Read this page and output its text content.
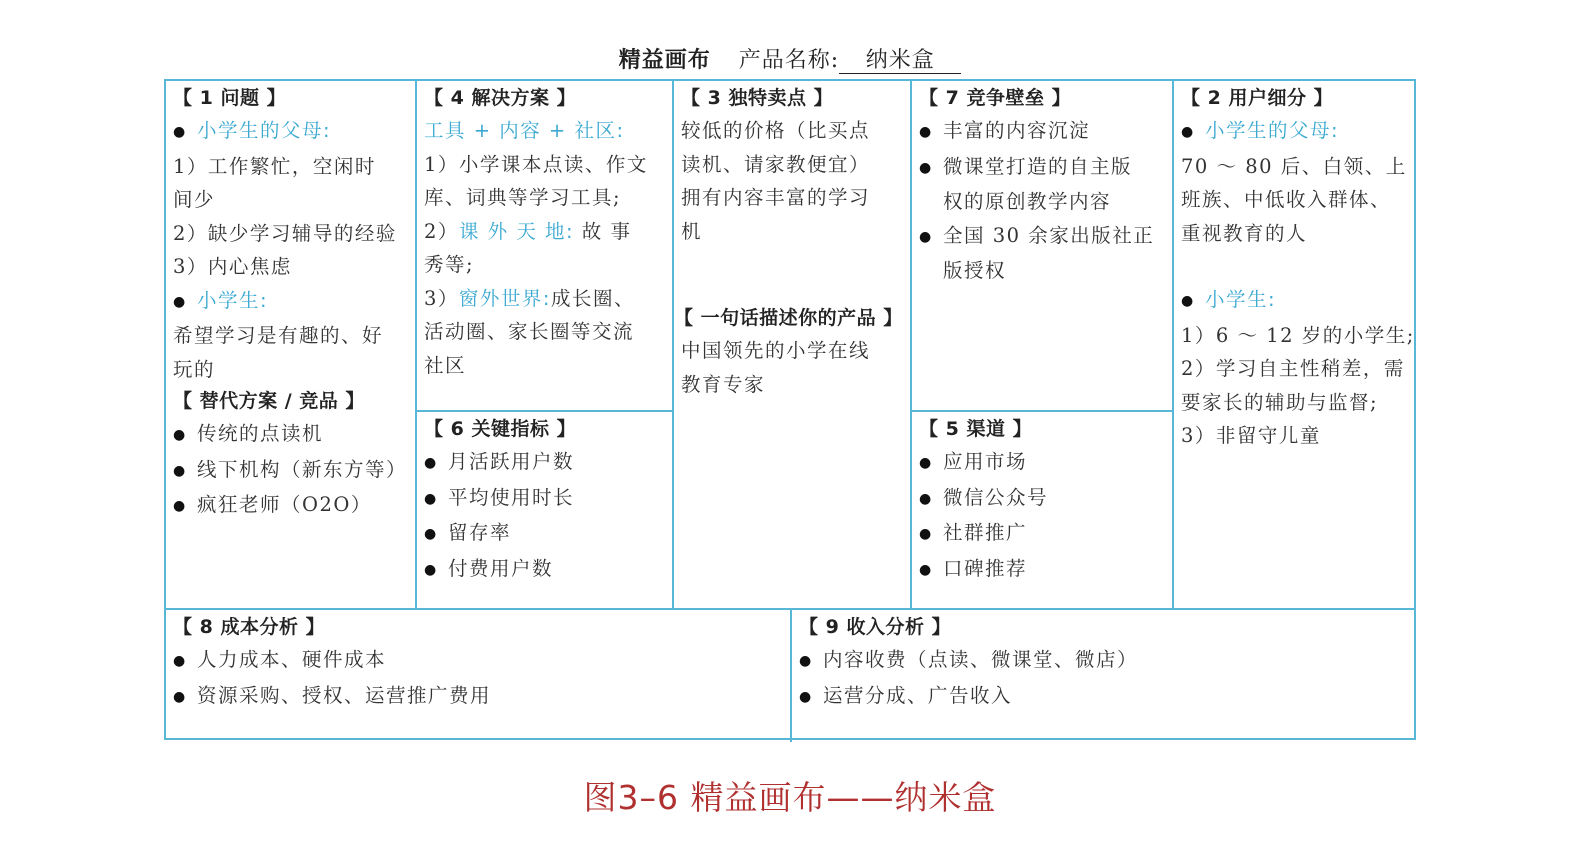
精益画布 产品名称: 纳米盒
【 1 问题 】
● 小学生的父母:
1）工作繁忙，空闲时
间少
2）缺少学习辅导的经验
3）内心焦虑
● 小学生:
希望学习是有趣的、好
玩的
【 替代方案 / 竞品 】
● 传统的点读机
● 线下机构（新东方等）
● 疯狂老师（O2O）
【 4 解决方案 】
工具 + 内容 + 社区:
1）小学课本点读、作文
库、词典等学习工具;
2）课 外 天 地: 故 事
秀等;
3）窗外世界:成长圈、
活动圈、家长圈等交流
社区
【 6 关键指标 】
● 月活跃用户数
● 平均使用时长
● 留存率
● 付费用户数
【 3 独特卖点 】
较低的价格（比买点
读机、请家教便宜）
拥有内容丰富的学习
机
【 一句话描述你的产品 】
中国领先的小学在线
教育专家
【 7 竞争壁垒 】
● 丰富的内容沉淀
● 微课堂打造的自主版
权的原创教学内容
● 全国 30 余家出版社正
版授权
【 5 渠道 】
● 应用市场
● 微信公众号
● 社群推广
● 口碑推荐
【 2 用户细分 】
● 小学生的父母:
70 ～ 80 后、白领、上
班族、中低收入群体、
重视教育的人
● 小学生:
1）6 ～ 12 岁的小学生;
2）学习自主性稍差，需
要家长的辅助与监督;
3）非留守儿童
【 8 成本分析 】
● 人力成本、硬件成本
● 资源采购、授权、运营推广费用
【 9 收入分析 】
● 内容收费（点读、微课堂、微店）
● 运营分成、广告收入
图3–6 精益画布——纳米盒
